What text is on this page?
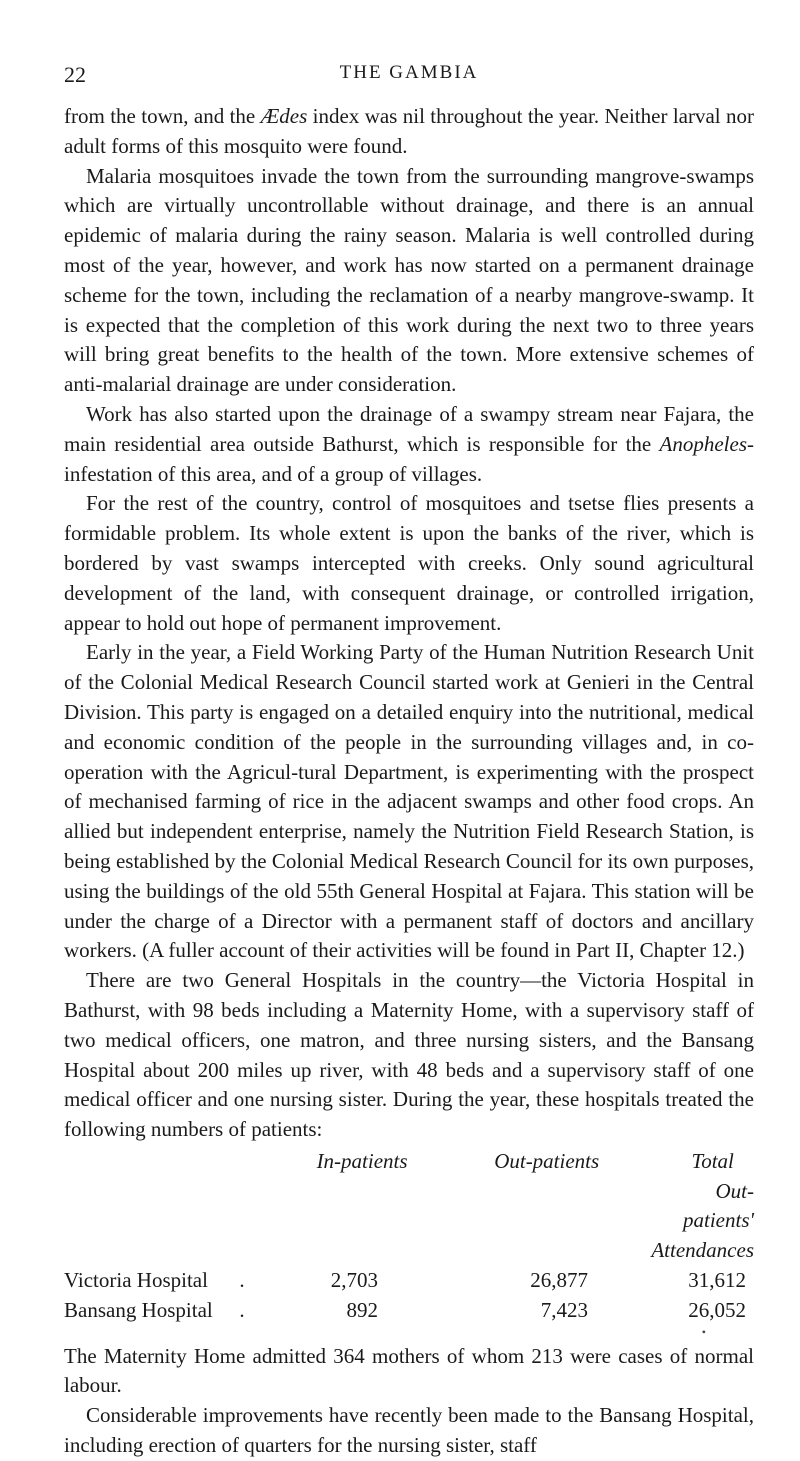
22	THE GAMBIA

from the town, and the Ædes index was nil throughout the year. Neither larval nor adult forms of this mosquito were found.

Malaria mosquitoes invade the town from the surrounding mangrove-swamps which are virtually uncontrollable without drainage, and there is an annual epidemic of malaria during the rainy season. Malaria is well controlled during most of the year, however, and work has now started on a permanent drainage scheme for the town, including the reclamation of a nearby mangrove-swamp. It is expected that the completion of this work during the next two to three years will bring great benefits to the health of the town. More extensive schemes of anti-malarial drainage are under consideration.

Work has also started upon the drainage of a swampy stream near Fajara, the main residential area outside Bathurst, which is responsible for the Anopheles-infestation of this area, and of a group of villages.

For the rest of the country, control of mosquitoes and tsetse flies presents a formidable problem. Its whole extent is upon the banks of the river, which is bordered by vast swamps intercepted with creeks. Only sound agricultural development of the land, with consequent drainage, or controlled irrigation, appear to hold out hope of permanent improvement.

Early in the year, a Field Working Party of the Human Nutrition Research Unit of the Colonial Medical Research Council started work at Genieri in the Central Division. This party is engaged on a detailed enquiry into the nutritional, medical and economic condition of the people in the surrounding villages and, in co-operation with the Agricul-tural Department, is experimenting with the prospect of mechanised farming of rice in the adjacent swamps and other food crops. An allied but independent enterprise, namely the Nutrition Field Research Station, is being established by the Colonial Medical Research Council for its own purposes, using the buildings of the old 55th General Hospital at Fajara. This station will be under the charge of a Director with a permanent staff of doctors and ancillary workers. (A fuller account of their activities will be found in Part II, Chapter 12.)

There are two General Hospitals in the country—the Victoria Hospital in Bathurst, with 98 beds including a Maternity Home, with a supervisory staff of two medical officers, one matron, and three nursing sisters, and the Bansang Hospital about 200 miles up river, with 48 beds and a supervisory staff of one medical officer and one nursing sister. During the year, these hospitals treated the following numbers of patients:

In-patients	Out-patients	Total
Out-patients'
Attendances
Victoria Hospital	.	2,703	26,877	31,612
Bansang Hospital	.	892	7,423	26,052
•

The Maternity Home admitted 364 mothers of whom 213 were cases of normal labour.

Considerable improvements have recently been made to the Bansang Hospital, including erection of quarters for the nursing sister, staff
